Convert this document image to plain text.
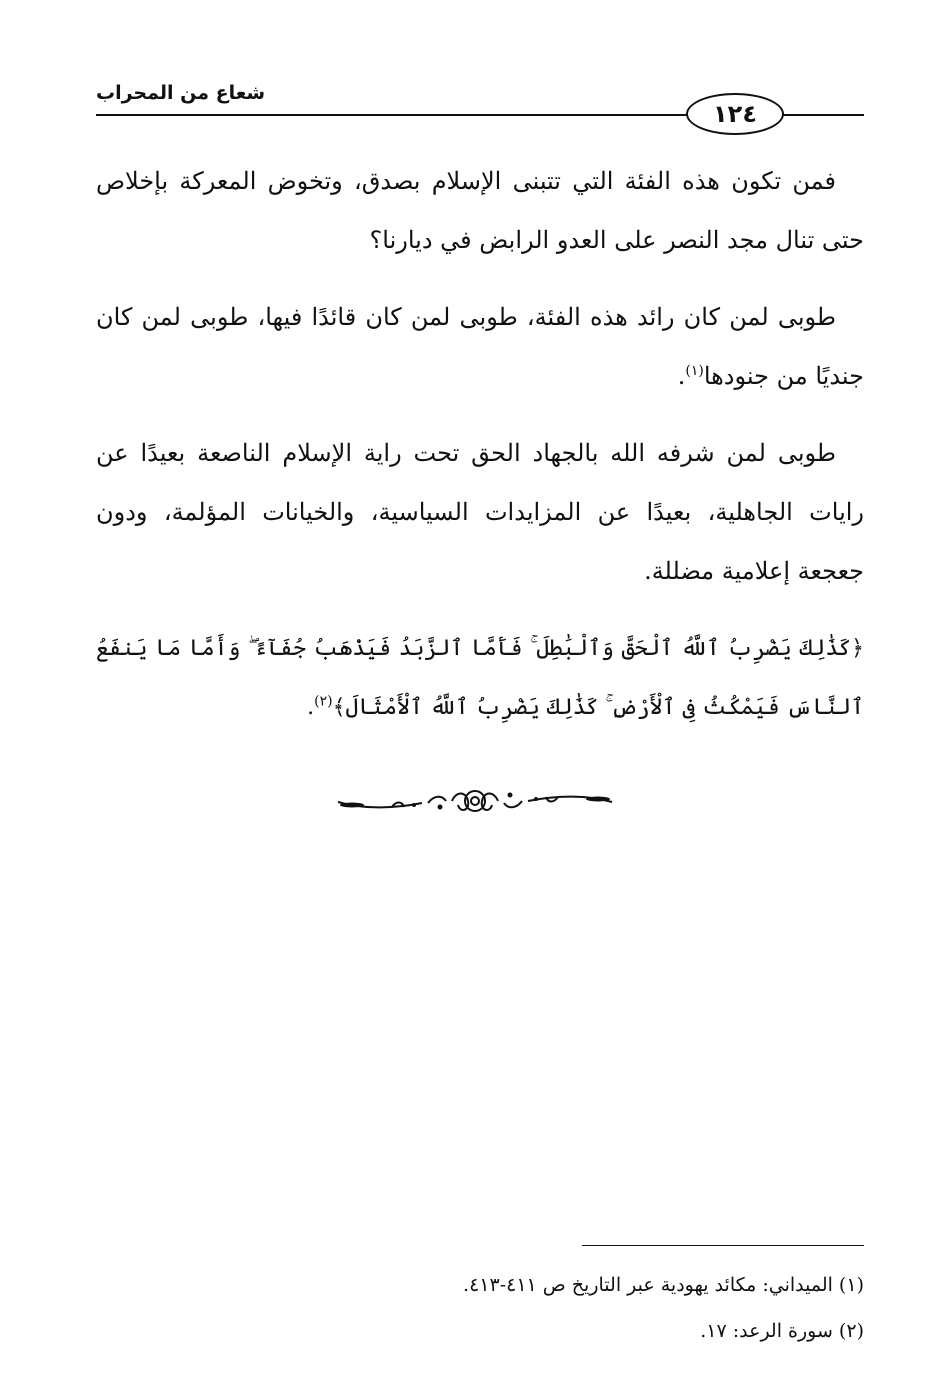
شعاع من المحراب
١٢٤

فمن تكون هذه الفئة التي تتبنى الإسلام بصدق، وتخوض المعركة بإخلاص حتى تنال مجد النصر على العدو الرابض في ديارنا؟

طوبى لمن كان رائد هذه الفئة، طوبى لمن كان قائدًا فيها، طوبى لمن كان جنديًا من جنودها$^{(١)}$.

طوبى لمن شرفه الله بالجهاد الحق تحت راية الإسلام الناصعة بعيدًا عن رايات الجاهلية، بعيدًا عن المزايدات السياسية، والخيانات المؤلمة، ودون جعجعة إعلامية مضللة.

﴿كَذَٰلِكَ يَضْرِبُ ٱللَّهُ ٱلْحَقَّ وَٱلْبَٰطِلَ ۚ فَأَمَّا ٱلزَّبَدُ فَيَذْهَبُ جُفَآءً ۖ وَأَمَّا مَا يَنفَعُ ٱلنَّاسَ فَيَمْكُثُ فِى ٱلْأَرْضِ ۚ كَذَٰلِكَ يَضْرِبُ ٱللَّهُ ٱلْأَمْثَالَ﴾$^{(٢)}$.

(١) الميداني: مكائد يهودية عبر التاريخ ص ٤١١-٤١٣.
(٢) سورة الرعد: ١٧.
